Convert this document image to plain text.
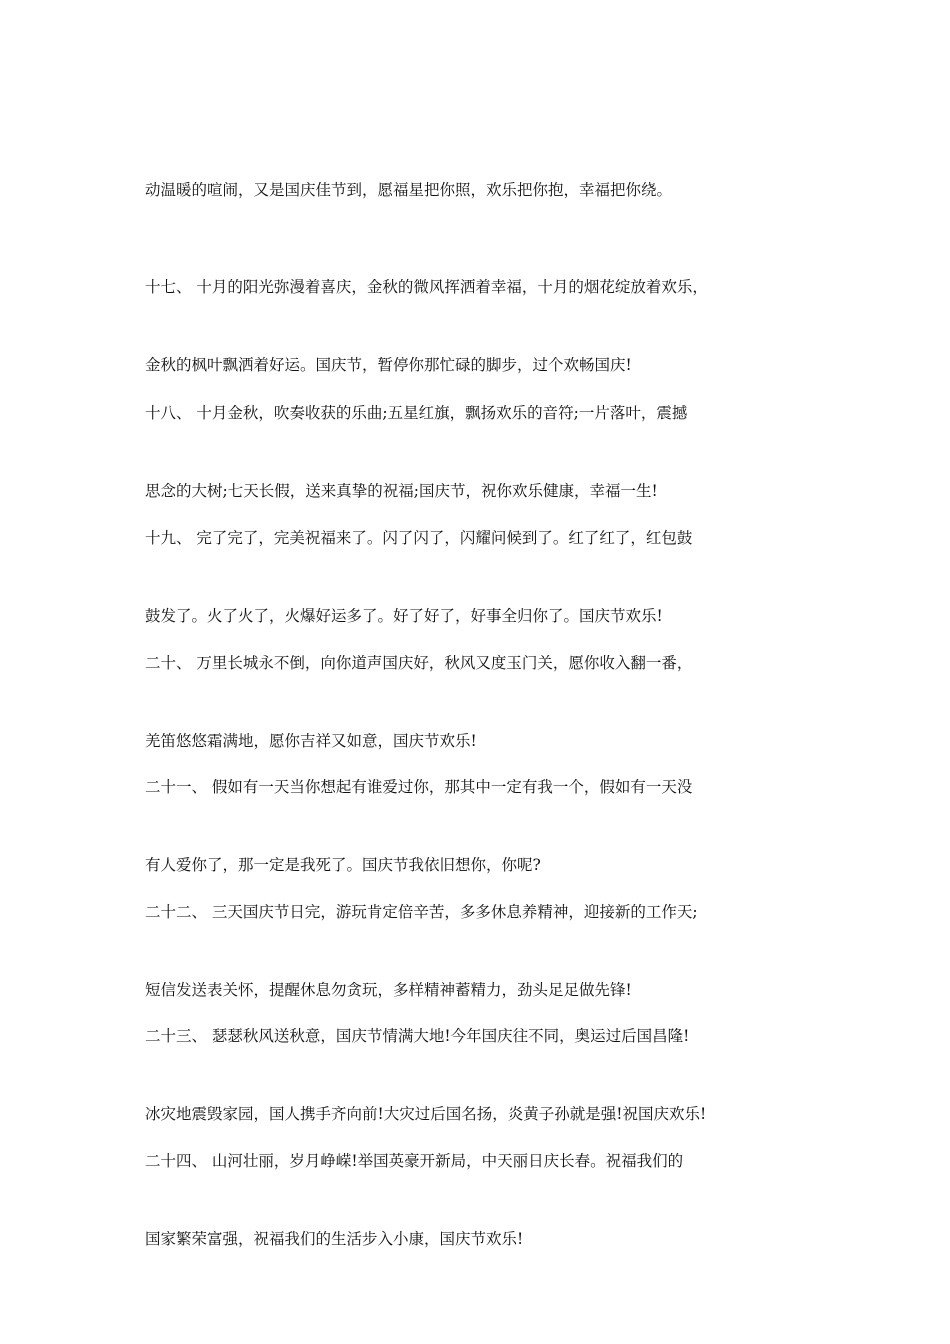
动温暖的喧闹，又是国庆佳节到，愿福星把你照，欢乐把你抱，幸福把你绕。

十七、 十月的阳光弥漫着喜庆，金秋的微风挥洒着幸福，十月的烟花绽放着欢乐，

金秋的枫叶飘洒着好运。国庆节，暂停你那忙碌的脚步，过个欢畅国庆!

十八、 十月金秋，吹奏收获的乐曲;五星红旗，飘扬欢乐的音符;一片落叶，震撼

思念的大树;七天长假，送来真挚的祝福;国庆节，祝你欢乐健康，幸福一生!

十九、 完了完了，完美祝福来了。闪了闪了，闪耀问候到了。红了红了，红包鼓

鼓发了。火了火了，火爆好运多了。好了好了，好事全归你了。国庆节欢乐!

二十、 万里长城永不倒，向你道声国庆好，秋风又度玉门关，愿你收入翻一番，

羌笛悠悠霜满地，愿你吉祥又如意，国庆节欢乐!

二十一、 假如有一天当你想起有谁爱过你，那其中一定有我一个，假如有一天没

有人爱你了，那一定是我死了。国庆节我依旧想你，你呢?

二十二、 三天国庆节日完，游玩肯定倍辛苦，多多休息养精神，迎接新的工作天;

短信发送表关怀，提醒休息勿贪玩，多样精神蓄精力，劲头足足做先锋!

二十三、 瑟瑟秋风送秋意，国庆节情满大地!今年国庆往不同，奥运过后国昌隆!

冰灾地震毁家园，国人携手齐向前!大灾过后国名扬，炎黄子孙就是强!祝国庆欢乐!

二十四、 山河壮丽，岁月峥嵘!举国英豪开新局，中天丽日庆长春。祝福我们的

国家繁荣富强，祝福我们的生活步入小康，国庆节欢乐!
